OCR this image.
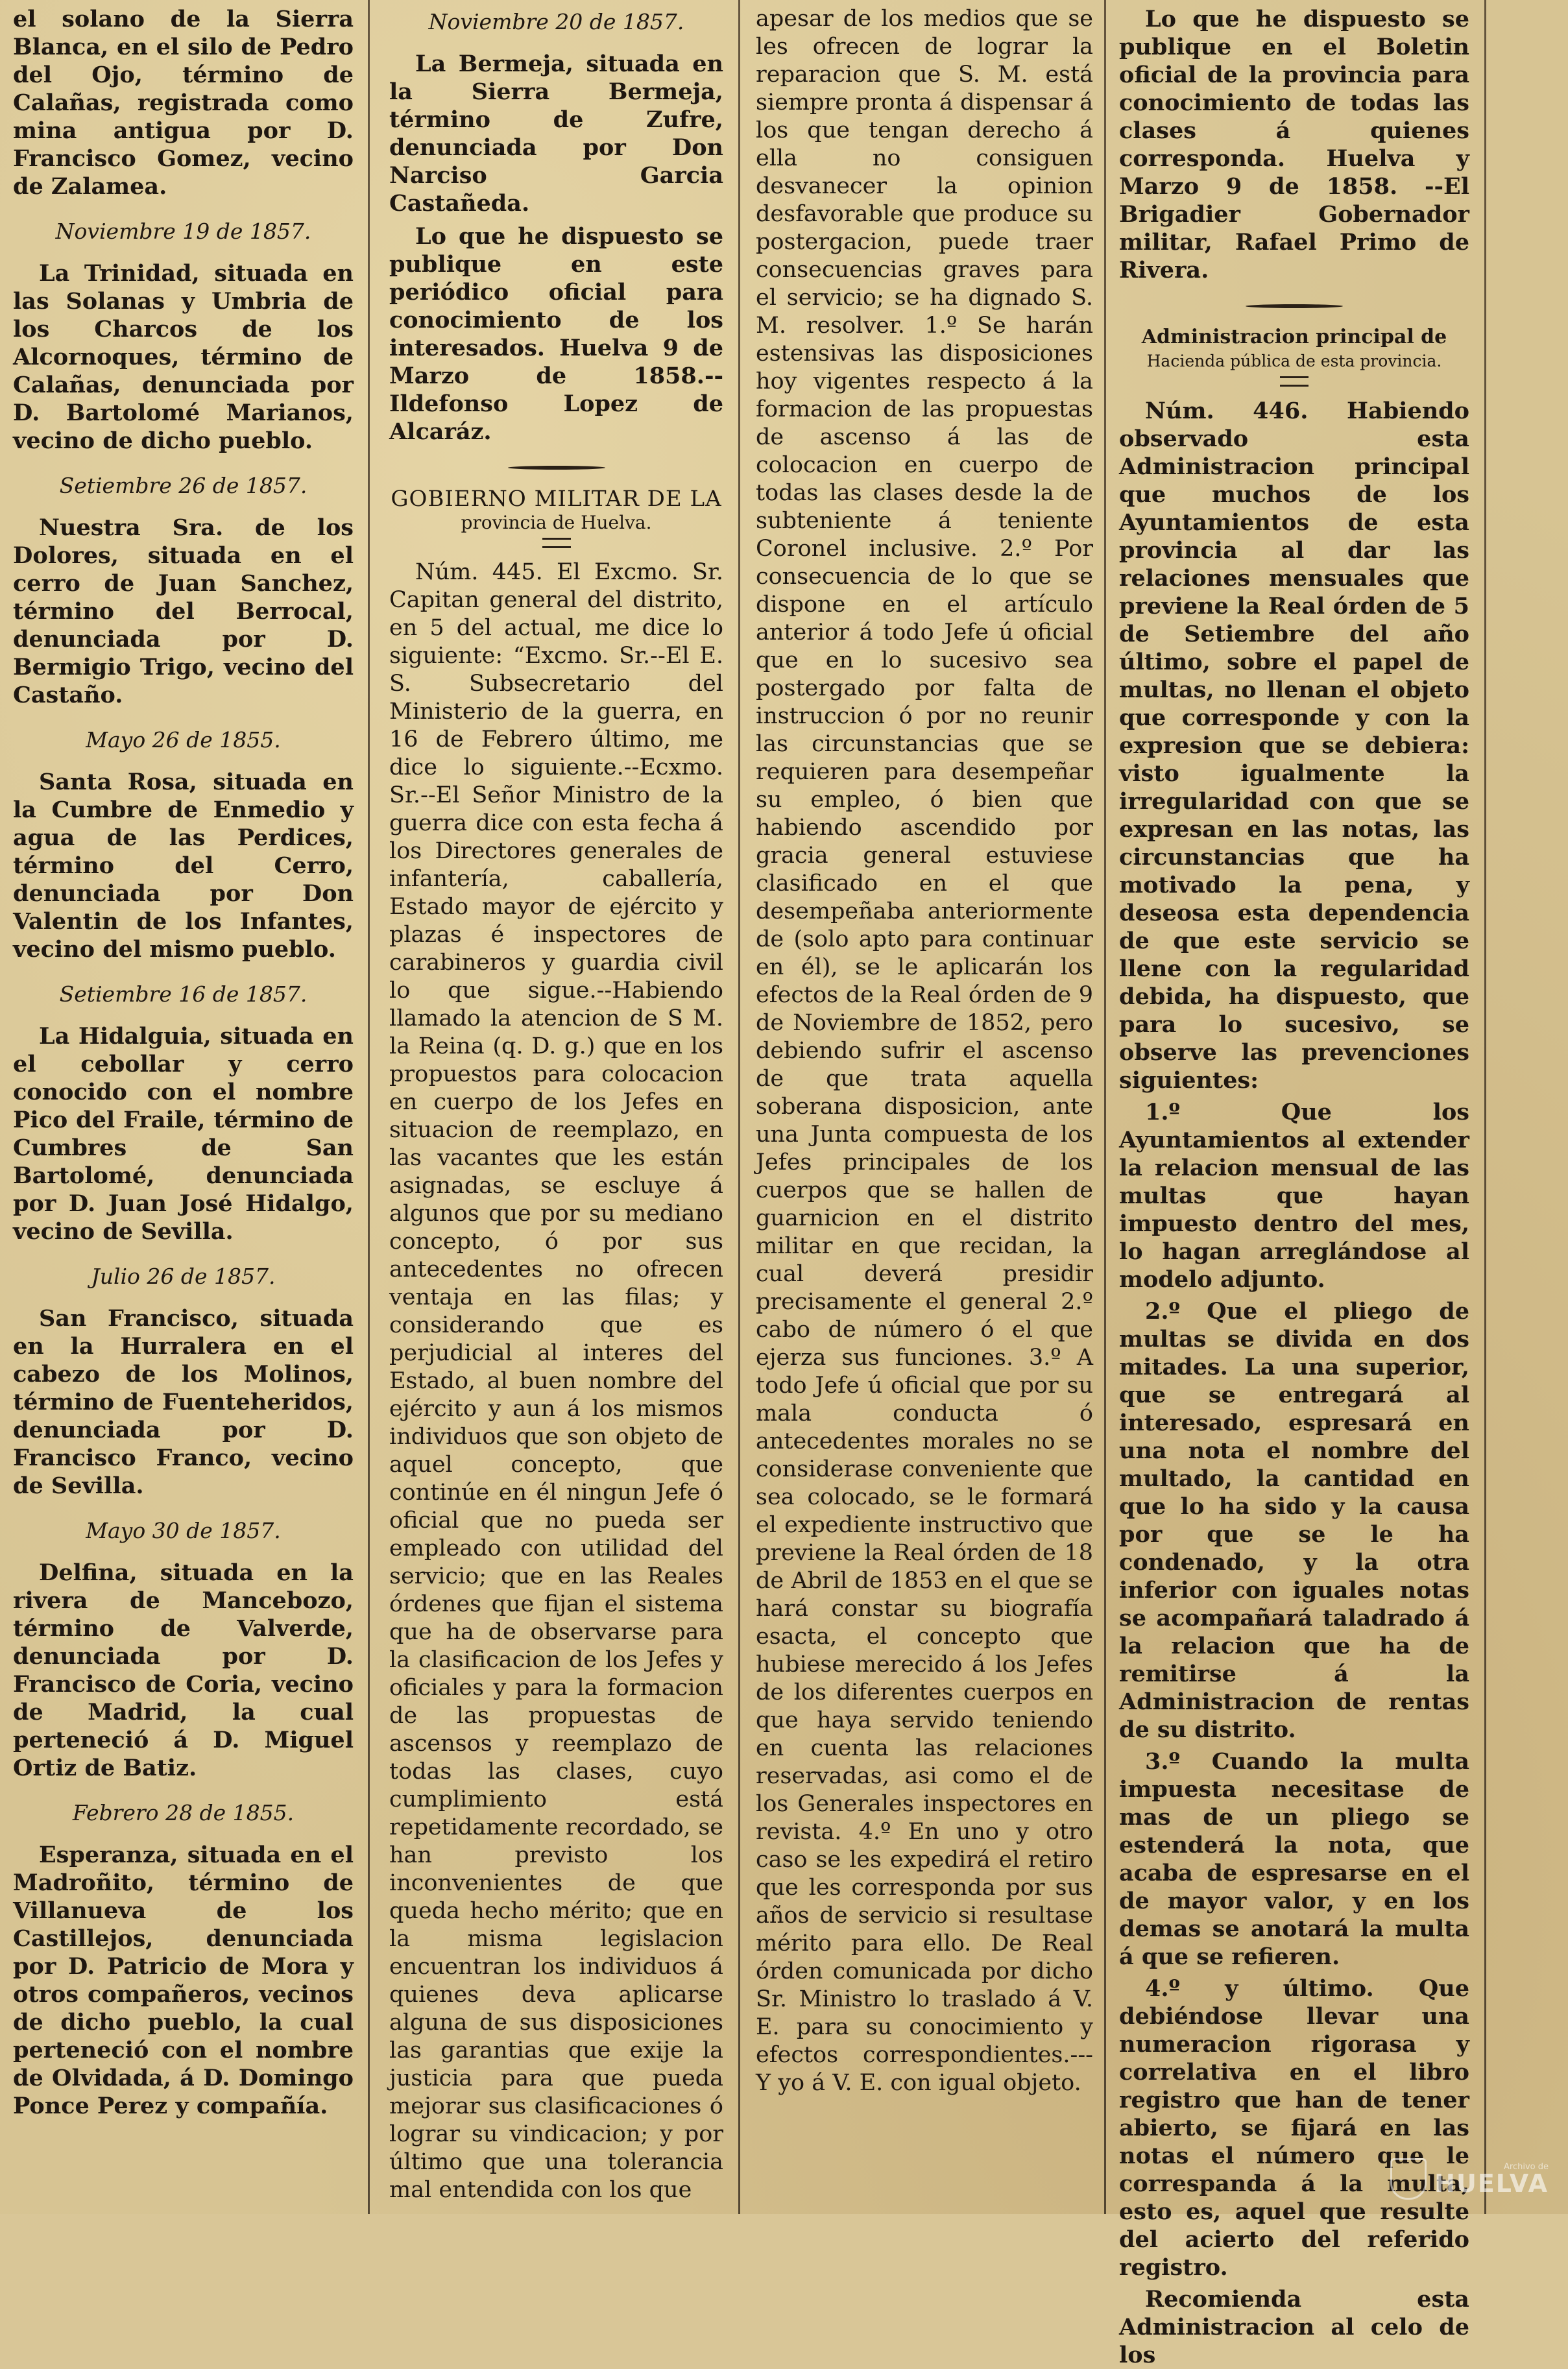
el solano de la Sierra Blanca, en el silo de Pedro del Ojo, término de Calañas, registrada como mina antigua por D. Francisco Gomez, vecino de Zalamea.

Noviembre 19 de 1857.

La Trinidad, situada en las Solanas y Umbria de los Charcos de los Alcornoques, término de Calañas, denunciada por D. Bartolomé Marianos, vecino de dicho pueblo.

Setiembre 26 de 1857.

Nuestra Sra. de los Dolores, situada en el cerro de Juan Sanchez, término del Berrocal, denunciada por D. Bermigio Trigo, vecino del Castaño.

Mayo 26 de 1855.

Santa Rosa, situada en la Cumbre de Enmedio y agua de las Perdices, término del Cerro, denunciada por Don Valentin de los Infantes, vecino del mismo pueblo.

Setiembre 16 de 1857.

La Hidalguia, situada en el cebollar y cerro conocido con el nombre Pico del Fraile, término de Cumbres de San Bartolomé, denunciada por D. Juan José Hidalgo, vecino de Sevilla.

Julio 26 de 1857.

San Francisco, situada en la Hurralera en el cabezo de los Molinos, término de Fuenteheridos, denunciada por D. Francisco Franco, vecino de Sevilla.

Mayo 30 de 1857.

Delfina, situada en la rivera de Mancebozo, término de Valverde, denunciada por D. Francisco de Coria, vecino de Madrid, la cual perteneció á D. Miguel Ortiz de Batiz.

Febrero 28 de 1855.

Esperanza, situada en el Madroñito, término de Villanueva de los Castillejos, denunciada por D. Patricio de Mora y otros compañeros, vecinos de dicho pueblo, la cual perteneció con el nombre de Olvidada, á D. Domingo Ponce Perez y compañía.

Noviembre 20 de 1857.

La Bermeja, situada en la Sierra Bermeja, término de Zufre, denunciada por Don Narciso Garcia Castañeda.

Lo que he dispuesto se publique en este periódico oficial para conocimiento de los interesados. Huelva 9 de Marzo de 1858.--Ildefonso Lopez de Alcaráz.

GOBIERNO MILITAR DE LA

provincia de Huelva.

Núm. 445. El Excmo. Sr. Capitan general del distrito, en 5 del actual, me dice lo siguiente: “Excmo. Sr.--El E. S. Subsecretario del Ministerio de la guerra, en 16 de Febrero último, me dice lo siguiente.--Ecxmo. Sr.--El Señor Ministro de la guerra dice con esta fecha á los Directores generales de infantería, caballería, Estado mayor de ejército y plazas é inspectores de carabineros y guardia civil lo que sigue.--Habiendo llamado la atencion de S M. la Reina (q. D. g.) que en los propuestos para colocacion en cuerpo de los Jefes en situacion de reemplazo, en las vacantes que les están asignadas, se escluye á algunos que por su mediano concepto, ó por sus antecedentes no ofrecen ventaja en las filas; y considerando que es perjudicial al interes del Estado, al buen nombre del ejército y aun á los mismos individuos que son objeto de aquel concepto, que continúe en él ningun Jefe ó oficial que no pueda ser empleado con utilidad del servicio; que en las Reales órdenes que fijan el sistema que ha de observarse para la clasificacion de los Jefes y oficiales y para la formacion de las propuestas de ascensos y reemplazo de todas las clases, cuyo cumplimiento está repetidamente recordado, se han previsto los inconvenientes de que queda hecho mérito; que en la misma legislacion encuentran los individuos á quienes deva aplicarse alguna de sus disposiciones las garantias que exije la justicia para que pueda mejorar sus clasificaciones ó lograr su vindicacion; y por último que una tolerancia mal entendida con los que

apesar de los medios que se les ofrecen de lograr la reparacion que S. M. está siempre pronta á dispensar á los que tengan derecho á ella no consiguen desvanecer la opinion desfavorable que produce su postergacion, puede traer consecuencias graves para el servicio; se ha dignado S. M. resolver. 1.º Se harán estensivas las disposiciones hoy vigentes respecto á la formacion de las propuestas de ascenso á las de colocacion en cuerpo de todas las clases desde la de subteniente á teniente Coronel inclusive. 2.º Por consecuencia de lo que se dispone en el artículo anterior á todo Jefe ú oficial que en lo sucesivo sea postergado por falta de instruccion ó por no reunir las circunstancias que se requieren para desempeñar su empleo, ó bien que habiendo ascendido por gracia general estuviese clasificado en el que desempeñaba anteriormente de (solo apto para continuar en él), se le aplicarán los efectos de la Real órden de 9 de Noviembre de 1852, pero debiendo sufrir el ascenso de que trata aquella soberana disposicion, ante una Junta compuesta de los Jefes principales de los cuerpos que se hallen de guarnicion en el distrito militar en que recidan, la cual deverá presidir precisamente el general 2.º cabo de número ó el que ejerza sus funciones. 3.º A todo Jefe ú oficial que por su mala conducta ó antecedentes morales no se considerase conveniente que sea colocado, se le formará el expediente instructivo que previene la Real órden de 18 de Abril de 1853 en el que se hará constar su biografía esacta, el concepto que hubiese merecido á los Jefes de los diferentes cuerpos en que haya servido teniendo en cuenta las relaciones reservadas, asi como el de los Generales inspectores en revista. 4.º En uno y otro caso se les expedirá el retiro que les corresponda por sus años de servicio si resultase mérito para ello. De Real órden comunicada por dicho Sr. Ministro lo traslado á V. E. para su conocimiento y efectos correspondientes.--- Y yo á V. E. con igual objeto.

Lo que he dispuesto se publique en el Boletin oficial de la provincia para conocimiento de todas las clases á quienes corresponda. Huelva y Marzo 9 de 1858. --El Brigadier Gobernador militar, Rafael Primo de Rivera.

Administracion principal de

Hacienda pública de esta provincia.

Núm. 446. Habiendo observado esta Administracion principal que muchos de los Ayuntamientos de esta provincia al dar las relaciones mensuales que previene la Real órden de 5 de Setiembre del año último, sobre el papel de multas, no llenan el objeto que corresponde y con la expresion que se debiera: visto igualmente la irregularidad con que se expresan en las notas, las circunstancias que ha motivado la pena, y deseosa esta dependencia de que este servicio se llene con la regularidad debida, ha dispuesto, que para lo sucesivo, se observe las prevenciones siguientes:

1.º Que los Ayuntamientos al extender la relacion mensual de las multas que hayan impuesto dentro del mes, lo hagan arreglándose al modelo adjunto.

2.º Que el pliego de multas se divida en dos mitades. La una superior, que se entregará al interesado, espresará en una nota el nombre del multado, la cantidad en que lo ha sido y la causa por que se le ha condenado, y la otra inferior con iguales notas se acompañará taladrado á la relacion que ha de remitirse á la Administracion de rentas de su distrito.

3.º Cuando la multa impuesta necesitase de mas de un pliego se estenderá la nota, que acaba de espresarse en el de mayor valor, y en los demas se anotará la multa á que se refieren.

4.º y último. Que debiéndose llevar una numeracion rigorasa y correlativa en el libro registro que han de tener abierto, se fijará en las notas el número que le correspanda á la multa, esto es, aquel que resulte del acierto del referido registro.

Recomienda esta Administracion al celo de los

Archivo de
HUELVA
